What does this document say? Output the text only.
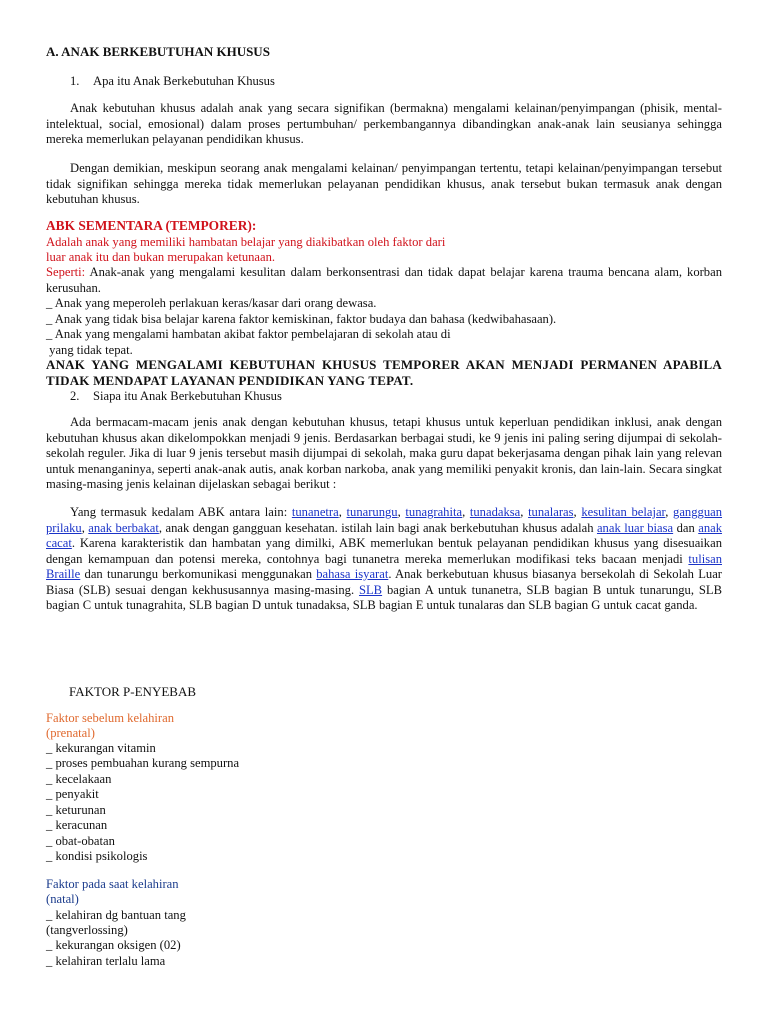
A. ANAK BERKEBUTUHAN KHUSUS
1. Apa itu Anak Berkebutuhan Khusus

Anak kebutuhan khusus adalah anak yang secara signifikan (bermakna) mengalami kelainan/penyimpangan (phisik, mental-intelektual, social, emosional) dalam proses pertumbuhan/ perkembangannya dibandingkan anak-anak lain seusianya sehingga mereka memerlukan pelayanan pendidikan khusus.

Dengan demikian, meskipun seorang anak mengalami kelainan/ penyimpangan tertentu, tetapi kelainan/penyimpangan tersebut tidak signifikan sehingga mereka tidak memerlukan pelayanan pendidikan khusus, anak tersebut bukan termasuk anak dengan kebutuhan khusus.

ABK SEMENTARA (TEMPORER):
Adalah anak yang memiliki hambatan belajar yang diakibatkan oleh faktor dari
luar anak itu dan bukan merupakan ketunaan.

Seperti: Anak-anak yang mengalami kesulitan dalam berkonsentrasi dan tidak dapat belajar karena trauma bencana alam, korban kerusuhan.

_ Anak yang meperoleh perlakuan keras/kasar dari orang dewasa.
_ Anak yang tidak bisa belajar karena faktor kemiskinan, faktor budaya dan bahasa (kedwibahasaan).
_ Anak yang mengalami hambatan akibat faktor pembelajaran di sekolah atau di
yang tidak tepat.

ANAK YANG MENGALAMI KEBUTUHAN KHUSUS TEMPORER AKAN MENJADI PERMANEN APABILA TIDAK MENDAPAT LAYANAN PENDIDIKAN YANG TEPAT.

2. Siapa itu Anak Berkebutuhan Khusus

Ada bermacam-macam jenis anak dengan kebutuhan khusus, tetapi khusus untuk keperluan pendidikan inklusi, anak dengan kebutuhan khusus akan dikelompokkan menjadi 9 jenis. Berdasarkan berbagai studi, ke 9 jenis ini paling sering dijumpai di sekolah-sekolah reguler. Jika di luar 9 jenis tersebut masih dijumpai di sekolah, maka guru dapat bekerjasama dengan pihak lain yang relevan untuk menanganinya, seperti anak-anak autis, anak korban narkoba, anak yang memiliki penyakit kronis, dan lain-lain. Secara singkat masing-masing jenis kelainan dijelaskan sebagai berikut :

Yang termasuk kedalam ABK antara lain: tunanetra, tunarungu, tunagrahita, tunadaksa, tunalaras, kesulitan belajar, gangguan prilaku, anak berbakat, anak dengan gangguan kesehatan. istilah lain bagi anak berkebutuhan khusus adalah anak luar biasa dan anak cacat. Karena karakteristik dan hambatan yang dimilki, ABK memerlukan bentuk pelayanan pendidikan khusus yang disesuaikan dengan kemampuan dan potensi mereka, contohnya bagi tunanetra mereka memerlukan modifikasi teks bacaan menjadi tulisan Braille dan tunarungu berkomunikasi menggunakan bahasa isyarat. Anak berkebutuan khusus biasanya bersekolah di Sekolah Luar Biasa (SLB) sesuai dengan kekhususannya masing-masing. SLB bagian A untuk tunanetra, SLB bagian B untuk tunarungu, SLB bagian C untuk tunagrahita, SLB bagian D untuk tunadaksa, SLB bagian E untuk tunalaras dan SLB bagian G untuk cacat ganda.

FAKTOR P-ENYEBAB
Faktor sebelum kelahiran
(prenatal)
_ kekurangan vitamin
_ proses pembuahan kurang sempurna
_ kecelakaan
_ penyakit
_ keturunan
_ keracunan
_ obat-obatan
_ kondisi psikologis
Faktor pada saat kelahiran
(natal)
_ kelahiran dg bantuan tang
(tangverlossing)
_ kekurangan oksigen (02)
_ kelahiran terlalu lama
